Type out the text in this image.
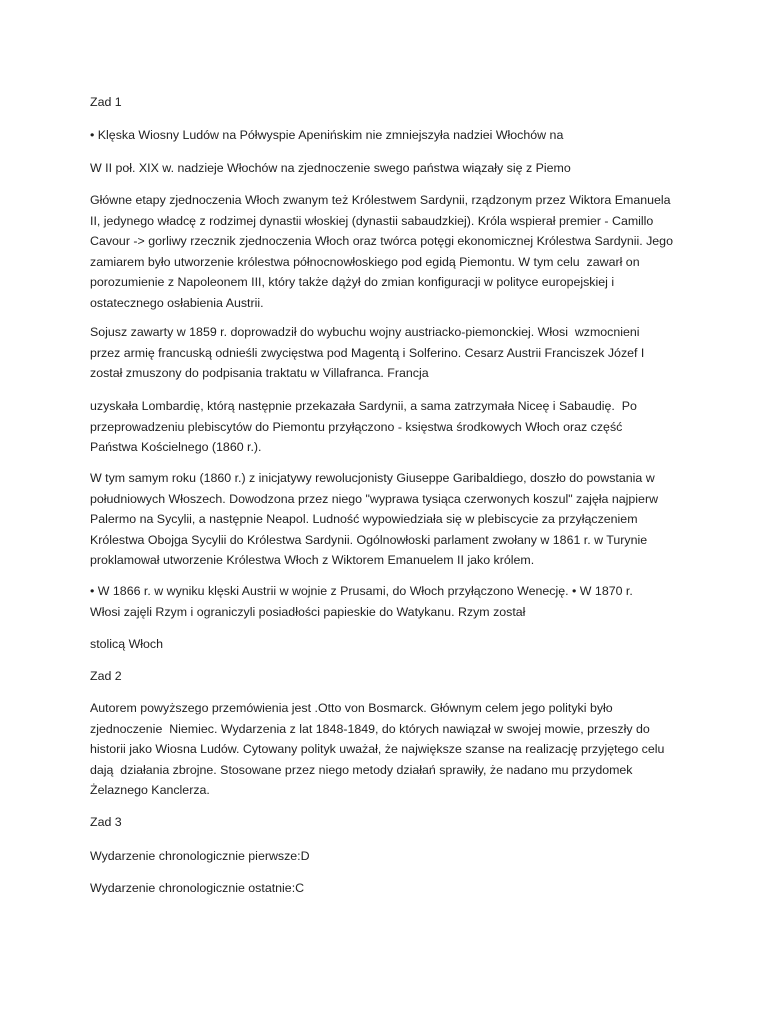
Zad 1

• Klęska Wiosny Ludów na Półwyspie Apenińskim nie zmniejszyła nadziei Włochów na

W II poł. XIX w. nadzieje Włochów na zjednoczenie swego państwa wiązały się z Piemo

Główne etapy zjednoczenia Włoch zwanym też Królestwem Sardynii, rządzonym przez Wiktora Emanuela
II, jedynego władcę z rodzimej dynastii włoskiej (dynastii sabaudzkiej). Króla wspierał premier - Camillo
Cavour -> gorliwy rzecznik zjednoczenia Włoch oraz twórca potęgi ekonomicznej Królestwa Sardynii. Jego
zamiarem było utworzenie królestwa północnowłoskiego pod egidą Piemontu. W tym celu  zawarł on
porozumienie z Napoleonem III, który także dążył do zmian konfiguracji w polityce europejskiej i
ostatecznego osłabienia Austrii.

Sojusz zawarty w 1859 r. doprowadził do wybuchu wojny austriacko-piemonckiej. Włosi  wzmocnieni
przez armię francuską odnieśli zwycięstwa pod Magentą i Solferino. Cesarz Austrii Franciszek Józef I
został zmuszony do podpisania traktatu w Villafranca. Francja

uzyskała Lombardię, którą następnie przekazała Sardynii, a sama zatrzymała Niceę i Sabaudię.  Po
przeprowadzeniu plebiscytów do Piemontu przyłączono - księstwa środkowych Włoch oraz część
Państwa Kościelnego (1860 r.).

W tym samym roku (1860 r.) z inicjatywy rewolucjonisty Giuseppe Garibaldiego, doszło do powstania w
południowych Włoszech. Dowodzona przez niego "wyprawa tysiąca czerwonych koszul" zajęła najpierw
Palermo na Sycylii, a następnie Neapol. Ludność wypowiedziała się w plebiscycie za przyłączeniem
Królestwa Obojga Sycylii do Królestwa Sardynii. Ogólnowłoski parlament zwołany w 1861 r. w Turynie
proklamował utworzenie Królestwa Włoch z Wiktorem Emanuelem II jako królem.

• W 1866 r. w wyniku klęski Austrii w wojnie z Prusami, do Włoch przyłączono Wenecję. • W 1870 r.
Włosi zajęli Rzym i ograniczyli posiadłości papieskie do Watykanu. Rzym został

stolicą Włoch

Zad 2

Autorem powyższego przemówienia jest .Otto von Bosmarck. Głównym celem jego polityki było
zjednoczenie  Niemiec. Wydarzenia z lat 1848-1849, do których nawiązał w swojej mowie, przeszły do
historii jako Wiosna Ludów. Cytowany polityk uważał, że największe szanse na realizację przyjętego celu
dają  działania zbrojne. Stosowane przez niego metody działań sprawiły, że nadano mu przydomek
Żelaznego Kanclerza.

Zad 3

Wydarzenie chronologicznie pierwsze:D

Wydarzenie chronologicznie ostatnie:C
